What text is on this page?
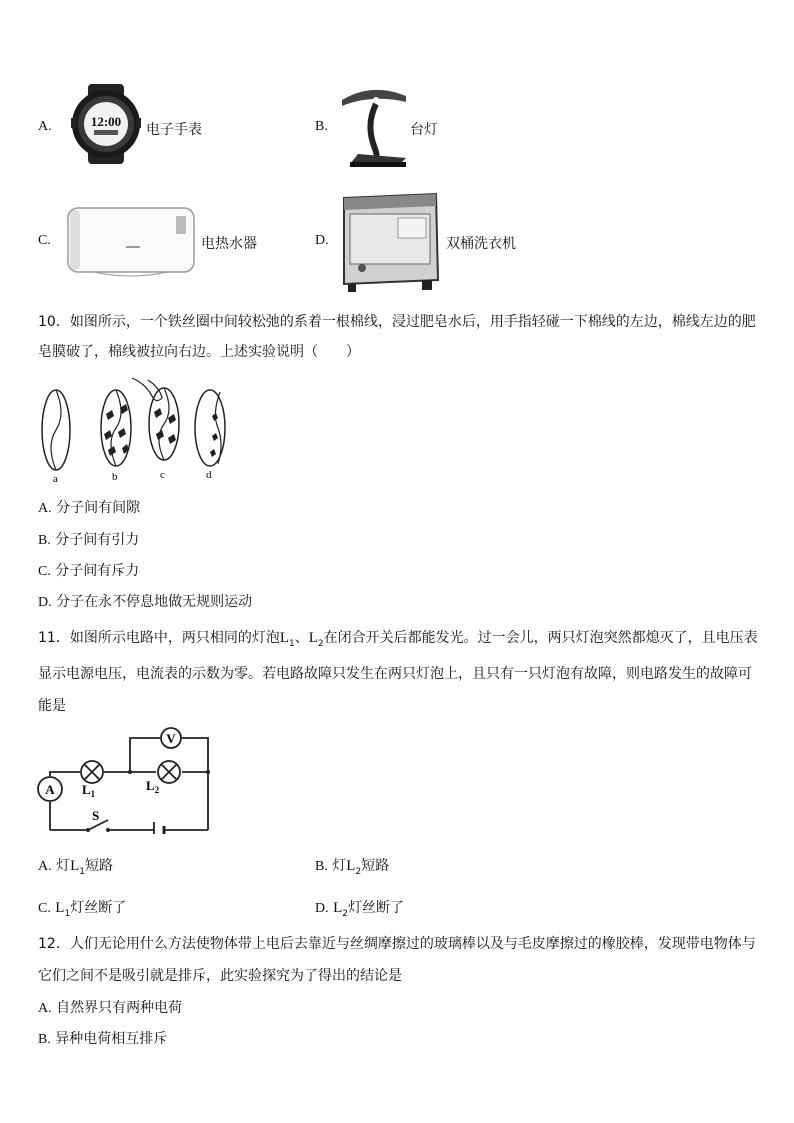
A.	12:00
电子手表	B.	台灯
C.	电热水器	D.	双桶洗衣机
10．如图所示，一个铁丝圈中间较松弛的系着一根棉线，浸过肥皂水后，用手指轻碰一下棉线的左边，棉线左边的肥
皂膜破了，棉线被拉向右边。上述实验说明（　　）
a	b	c	d
A. 分子间有间隙
B. 分子间有引力
C. 分子间有斥力
D. 分子在永不停息地做无规则运动
11．如图所示电路中，两只相同的灯泡$L_1$、$L_2$在闭合开关后都能发光。过一会儿，两只灯泡突然都熄灭了，且电压表
显示电源电压，电流表的示数为零。若电路故障只发生在两只灯泡上，且只有一只灯泡有故障，则电路发生的故障可
能是
V
A $L_1$
$L_2$
S
A. 灯$L_1$短路	B. 灯$L_2$短路
C. $L_1$灯丝断了	D. $L_2$灯丝断了
12．人们无论用什么方法使物体带上电后去靠近与丝绸摩擦过的玻璃棒以及与毛皮摩擦过的橡胶棒，发现带电物体与
它们之间不是吸引就是排斥，此实验探究为了得出的结论是
A. 自然界只有两种电荷
B. 异种电荷相互排斥
